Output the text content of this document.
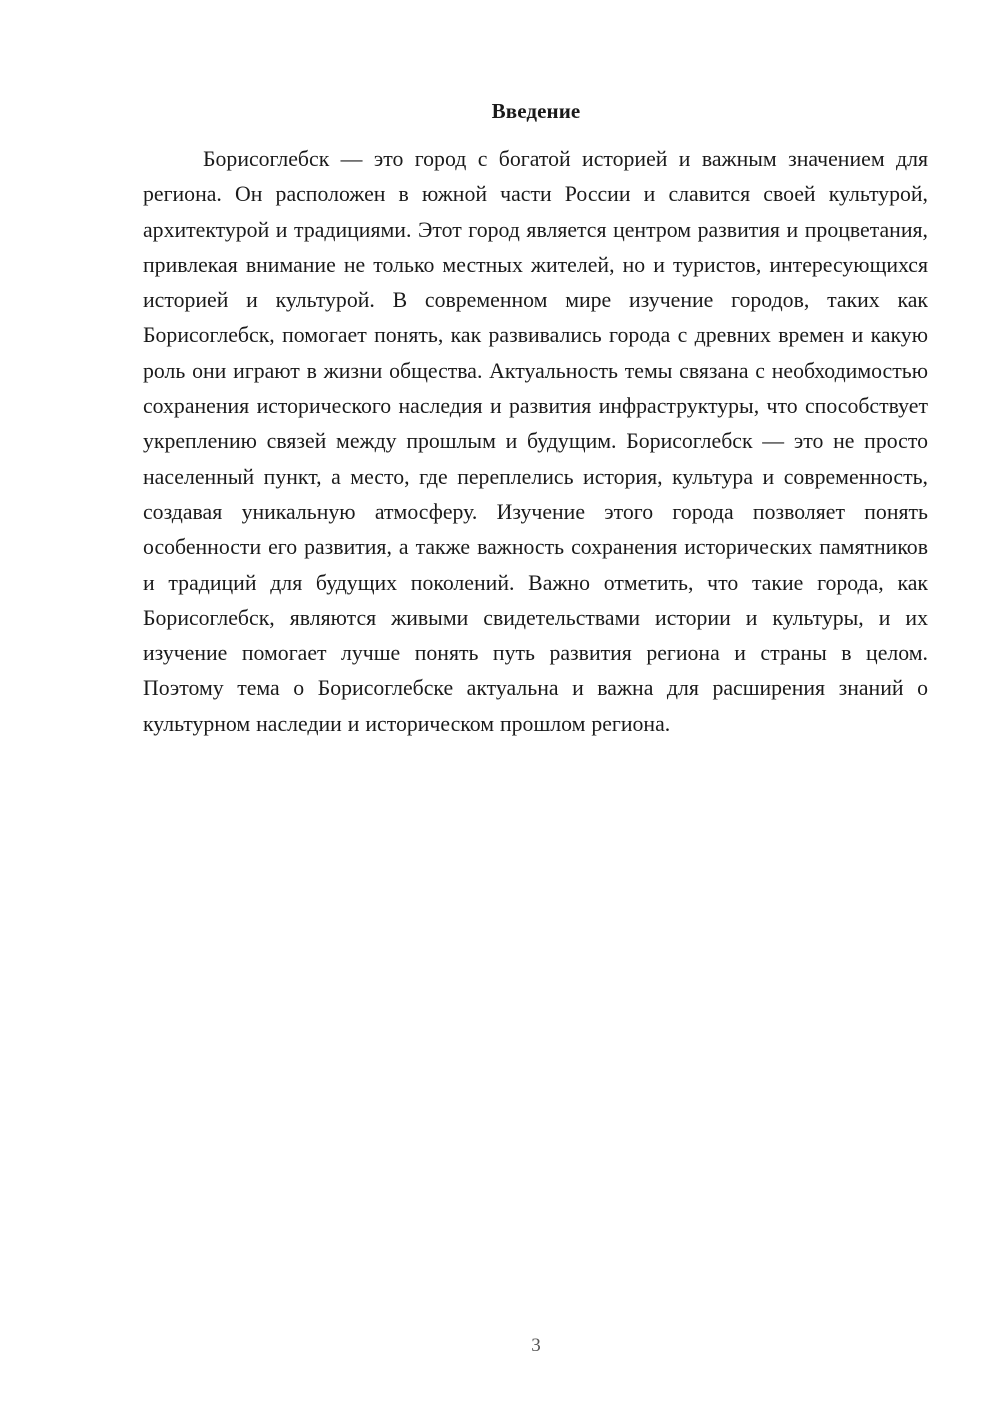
Введение

Борисоглебск — это город с богатой историей и важным значением для региона. Он расположен в южной части России и славится своей культурой, архитектурой и традициями. Этот город является центром развития и процветания, привлекая внимание не только местных жителей, но и туристов, интересующихся историей и культурой. В современном мире изучение городов, таких как Борисоглебск, помогает понять, как развивались города с древних времен и какую роль они играют в жизни общества. Актуальность темы связана с необходимостью сохранения исторического наследия и развития инфраструктуры, что способствует укреплению связей между прошлым и будущим. Борисоглебск — это не просто населенный пункт, а место, где переплелись история, культура и современность, создавая уникальную атмосферу. Изучение этого города позволяет понять особенности его развития, а также важность сохранения исторических памятников и традиций для будущих поколений. Важно отметить, что такие города, как Борисоглебск, являются живыми свидетельствами истории и культуры, и их изучение помогает лучше понять путь развития региона и страны в целом. Поэтому тема о Борисоглебске актуальна и важна для расширения знаний о культурном наследии и историческом прошлом региона.

3
